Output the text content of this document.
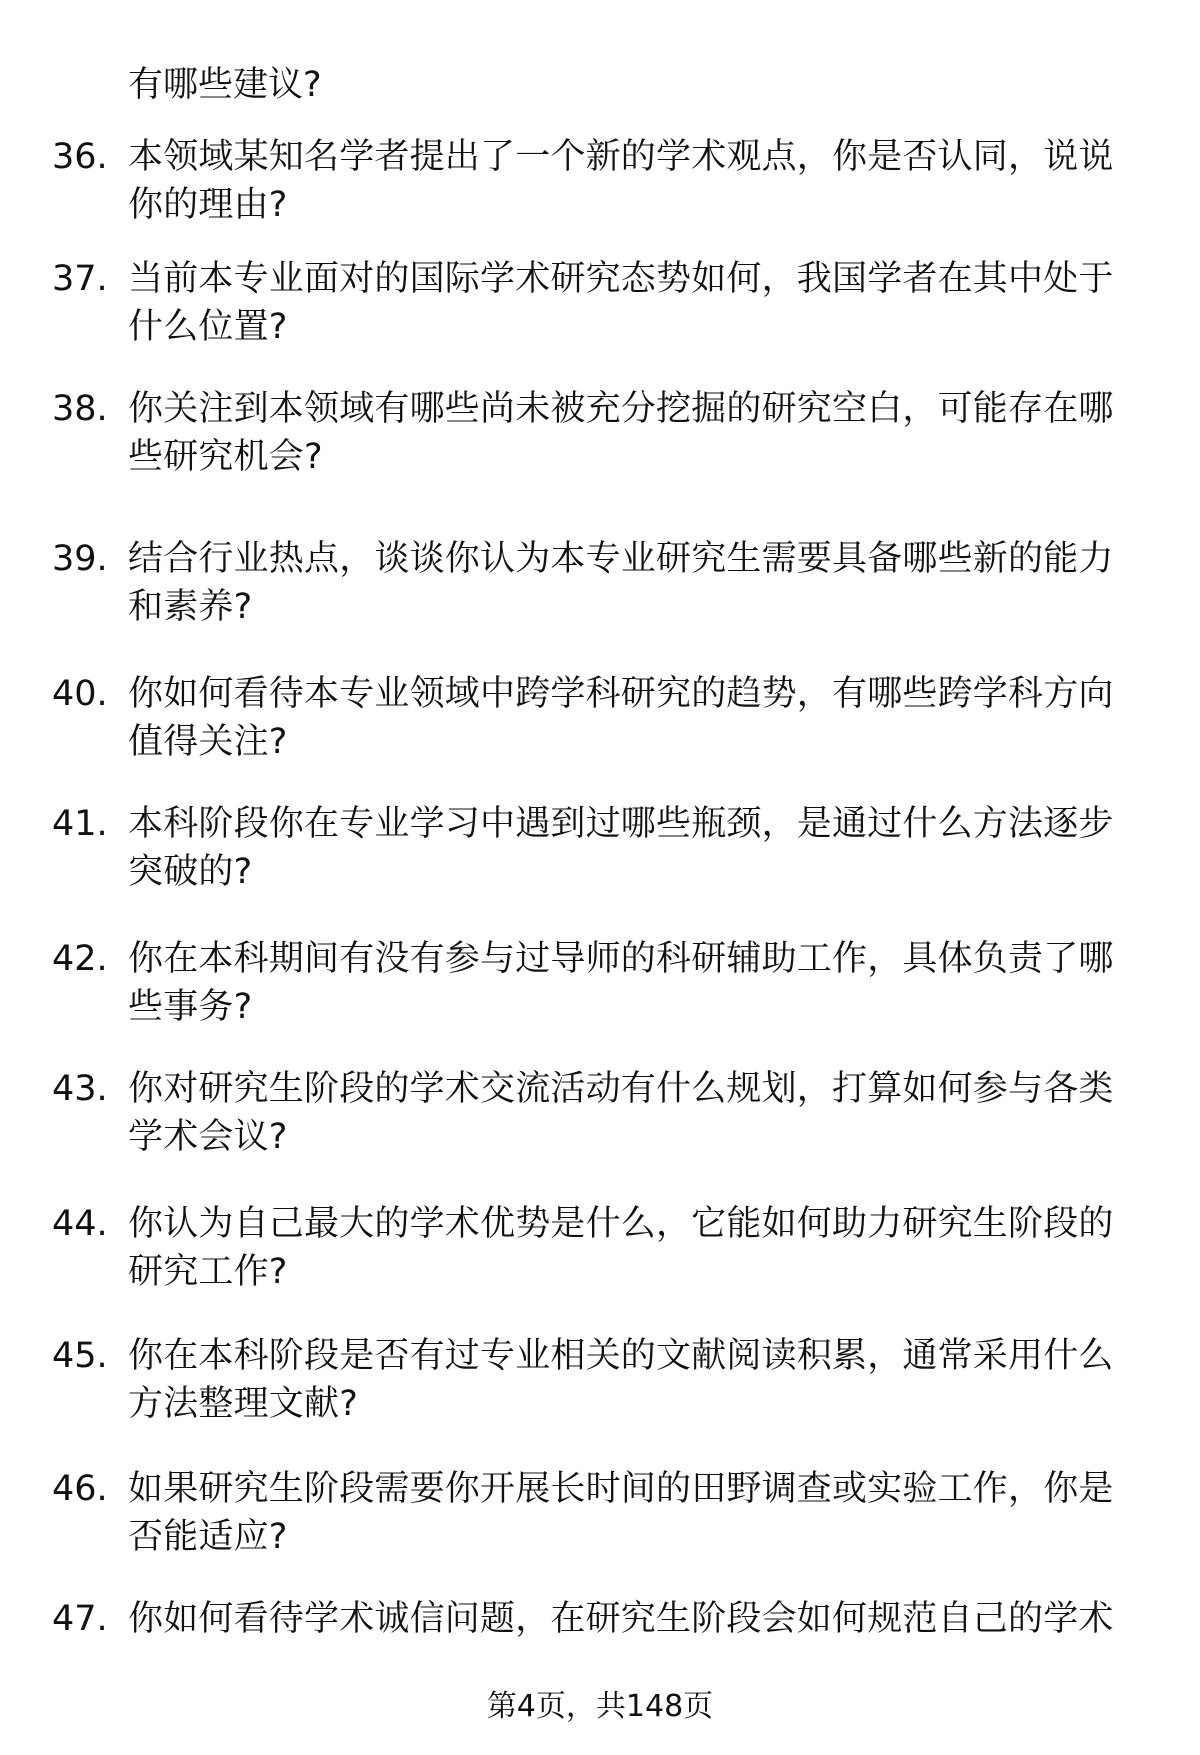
有哪些建议?
36. 本领域某知名学者提出了一个新的学术观点，你是否认同，说说你的理由?
37. 当前本专业面对的国际学术研究态势如何，我国学者在其中处于什么位置?
38. 你关注到本领域有哪些尚未被充分挖掘的研究空白，可能存在哪些研究机会?
39. 结合行业热点，谈谈你认为本专业研究生需要具备哪些新的能力和素养?
40. 你如何看待本专业领域中跨学科研究的趋势，有哪些跨学科方向值得关注?
41. 本科阶段你在专业学习中遇到过哪些瓶颈，是通过什么方法逐步突破的?
42. 你在本科期间有没有参与过导师的科研辅助工作，具体负责了哪些事务?
43. 你对研究生阶段的学术交流活动有什么规划，打算如何参与各类学术会议?
44. 你认为自己最大的学术优势是什么，它能如何助力研究生阶段的研究工作?
45. 你在本科阶段是否有过专业相关的文献阅读积累，通常采用什么方法整理文献?
46. 如果研究生阶段需要你开展长时间的田野调查或实验工作，你是否能适应?
47. 你如何看待学术诚信问题，在研究生阶段会如何规范自己的学术
第4页，共148页
